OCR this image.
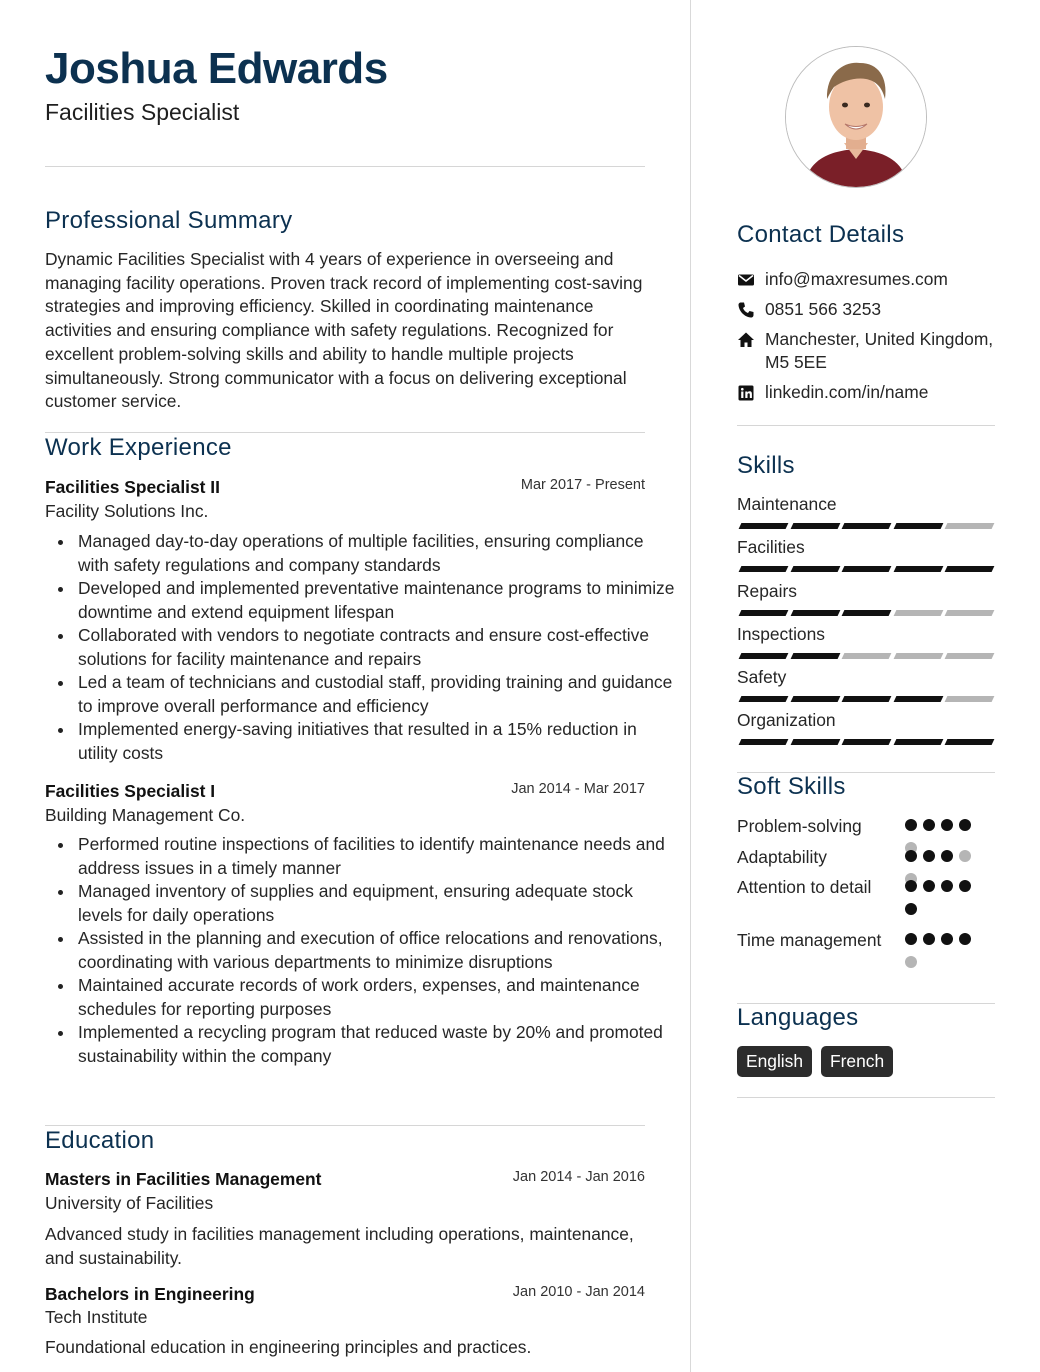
Joshua Edwards
Facilities Specialist
Professional Summary
Dynamic Facilities Specialist with 4 years of experience in overseeing and managing facility operations. Proven track record of implementing cost-saving strategies and improving efficiency. Skilled in coordinating maintenance activities and ensuring compliance with safety regulations. Recognized for excellent problem-solving skills and ability to handle multiple projects simultaneously. Strong communicator with a focus on delivering exceptional customer service.
Work Experience
Facilities Specialist II	Mar 2017 - Present
Facility Solutions Inc.
Managed day-to-day operations of multiple facilities, ensuring compliance with safety regulations and company standards
Developed and implemented preventative maintenance programs to minimize downtime and extend equipment lifespan
Collaborated with vendors to negotiate contracts and ensure cost-effective solutions for facility maintenance and repairs
Led a team of technicians and custodial staff, providing training and guidance to improve overall performance and efficiency
Implemented energy-saving initiatives that resulted in a 15% reduction in utility costs
Facilities Specialist I	Jan 2014 - Mar 2017
Building Management Co.
Performed routine inspections of facilities to identify maintenance needs and address issues in a timely manner
Managed inventory of supplies and equipment, ensuring adequate stock levels for daily operations
Assisted in the planning and execution of office relocations and renovations, coordinating with various departments to minimize disruptions
Maintained accurate records of work orders, expenses, and maintenance schedules for reporting purposes
Implemented a recycling program that reduced waste by 20% and promoted sustainability within the company
Education
Masters in Facilities Management	Jan 2014 - Jan 2016
University of Facilities
Advanced study in facilities management including operations, maintenance, and sustainability.
Bachelors in Engineering	Jan 2010 - Jan 2014
Tech Institute
Foundational education in engineering principles and practices.
Contact Details
info@maxresumes.com
0851 566 3253
Manchester, United Kingdom, M5 5EE
linkedin.com/in/name
Skills
Maintenance
Facilities
Repairs
Inspections
Safety
Organization
Soft Skills
Problem-solving
Adaptability
Attention to detail
Time management
Languages
English	French
